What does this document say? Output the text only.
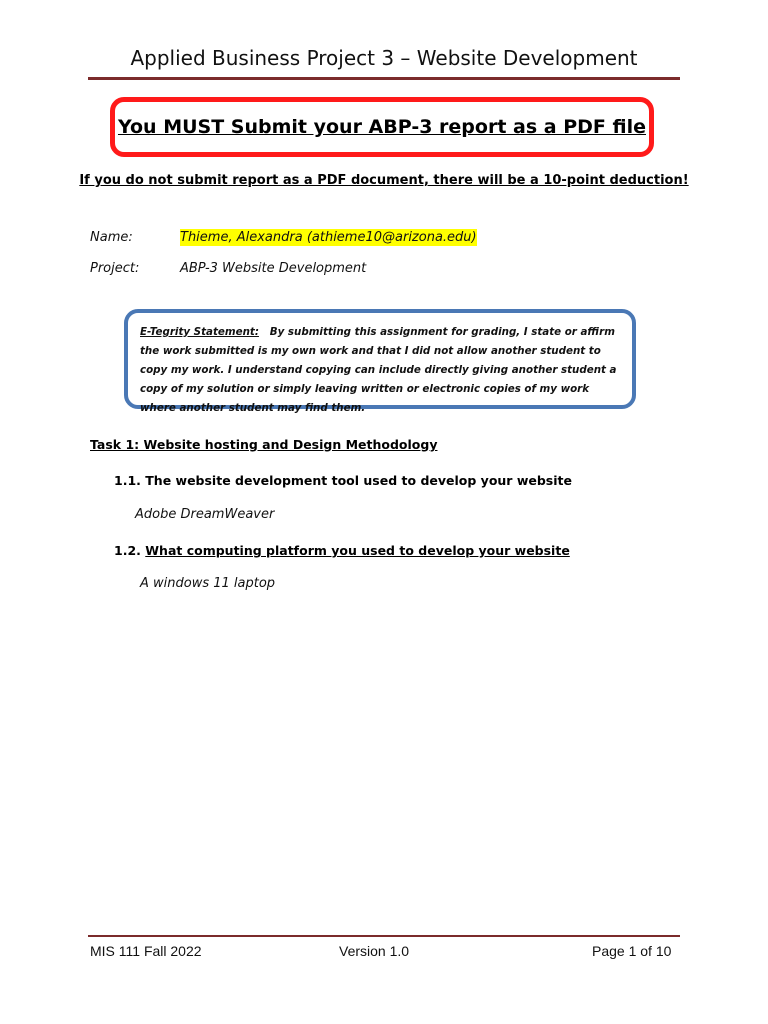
Applied Business Project 3 – Website Development
You MUST Submit your ABP-3 report as a PDF file
If you do not submit report as a PDF document, there will be a 10-point deduction!
Name:	Thieme, Alexandra (athieme10@arizona.edu)
Project:	ABP-3 Website Development
E-Tegrity Statement: By submitting this assignment for grading, I state or affirm the work submitted is my own work and that I did not allow another student to copy my work. I understand copying can include directly giving another student a copy of my solution or simply leaving written or electronic copies of my work where another student may find them.
Task 1: Website hosting and Design Methodology
1.1. The website development tool used to develop your website
Adobe DreamWeaver
1.2. What computing platform you used to develop your website
A windows 11 laptop
MIS 111 Fall 2022	Version 1.0	Page 1 of 10
